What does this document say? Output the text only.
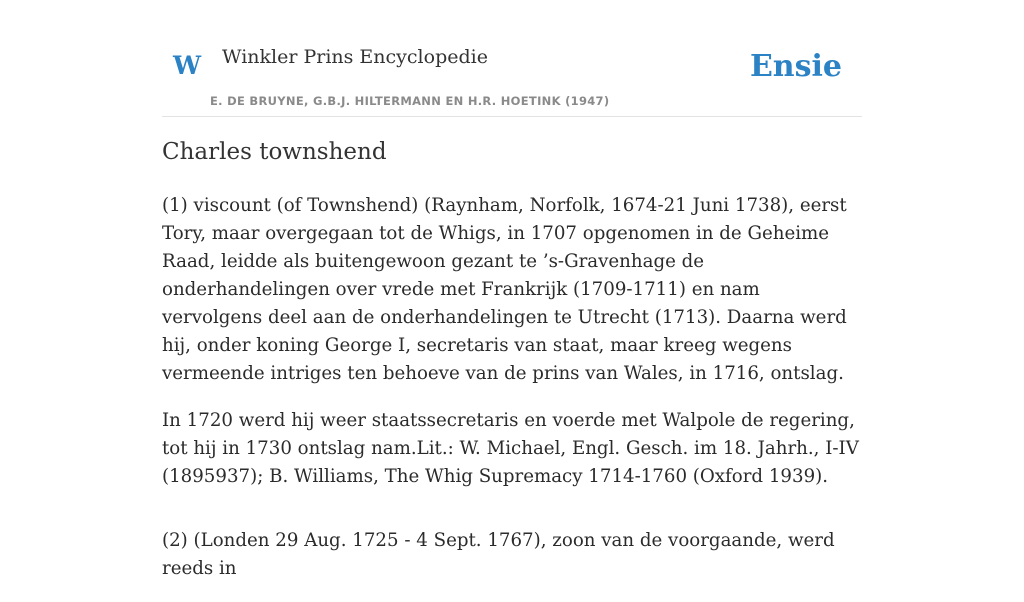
W Winkler Prins Encyclopedie
E. DE BRUYNE, G.B.J. HILTERMANN EN H.R. HOETINK (1947)
Ensie
Charles townshend

(1) viscount (of Townshend) (Raynham, Norfolk, 1674-21 Juni 1738), eerst Tory, maar overgegaan tot de Whigs, in 1707 opgenomen in de Geheime Raad, leidde als buitengewoon gezant te ’s-Gravenhage de onderhandelingen over vrede met Frankrijk (1709-1711) en nam vervolgens deel aan de onderhandelingen te Utrecht (1713). Daarna werd hij, onder koning George I, secretaris van staat, maar kreeg wegens vermeende intriges ten behoeve van de prins van Wales, in 1716, ontslag.

In 1720 werd hij weer staatssecretaris en voerde met Walpole de regering, tot hij in 1730 ontslag nam.Lit.: W. Michael, Engl. Gesch. im 18. Jahrh., I-IV (1895937); B. Williams, The Whig Supremacy 1714-1760 (Oxford 1939).

(2) (Londen 29 Aug. 1725 - 4 Sept. 1767), zoon van de voorgaande, werd reeds in
